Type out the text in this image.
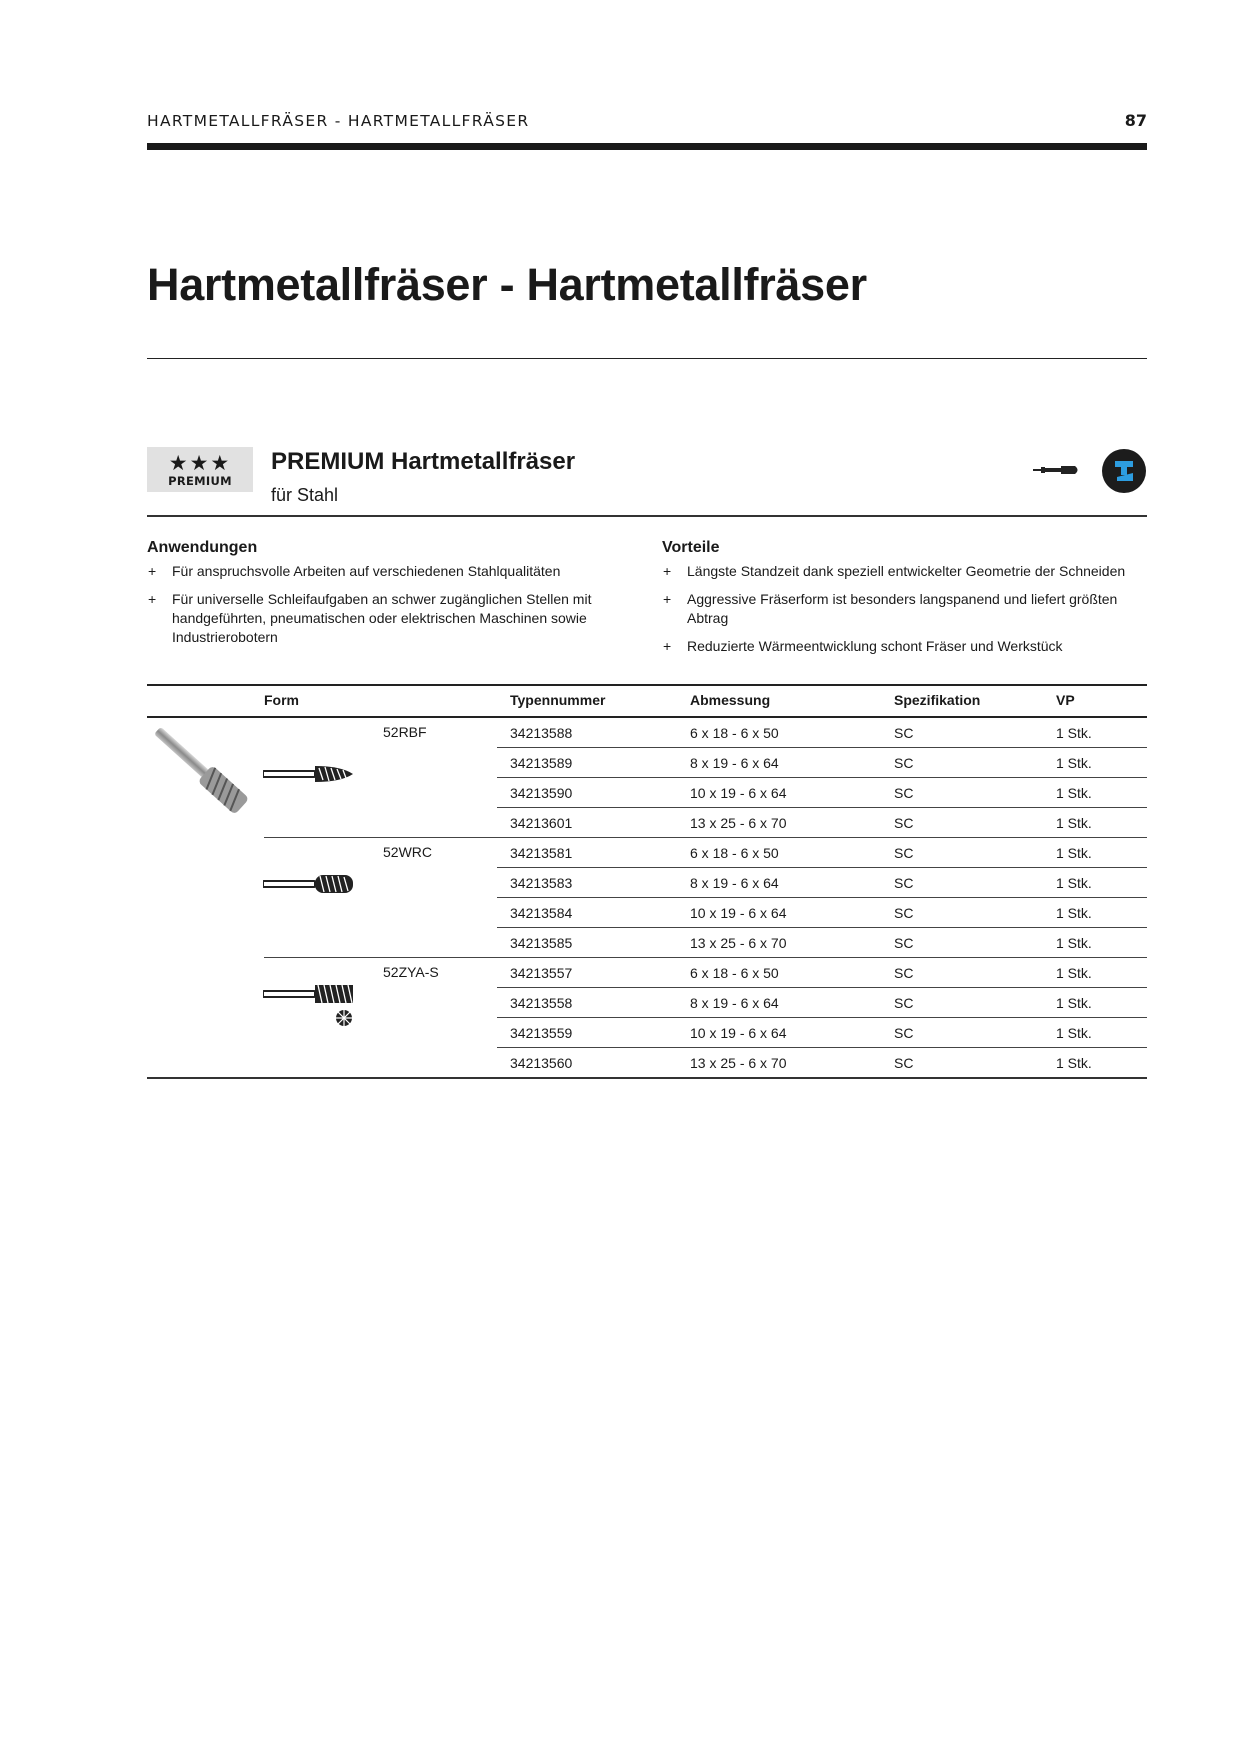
HARTMETALLFRÄSER - HARTMETALLFRÄSER	87
Hartmetallfräser - Hartmetallfräser
★★★
PREMIUM
PREMIUM Hartmetallfräser
für Stahl
Anwendungen
+ Für anspruchsvolle Arbeiten auf verschiedenen Stahlqualitäten
+ Für universelle Schleifaufgaben an schwer zugänglichen Stellen mit handgeführten, pneumatischen oder elektrischen Maschinen sowie Industrierobotern
Vorteile
+ Längste Standzeit dank speziell entwickelter Geometrie der Schneiden
+ Aggressive Fräserform ist besonders langspanend und liefert größten Abtrag
+ Reduzierte Wärmeentwicklung schont Fräser und Werkstück
Form	Typennummer	Abmessung	Spezifikation	VP
52RBF	34213588	6 x 18 - 6 x 50	SC	1 Stk.
34213589	8 x 19 - 6 x 64	SC	1 Stk.
34213590	10 x 19 - 6 x 64	SC	1 Stk.
34213601	13 x 25 - 6 x 70	SC	1 Stk.
52WRC	34213581	6 x 18 - 6 x 50	SC	1 Stk.
34213583	8 x 19 - 6 x 64	SC	1 Stk.
34213584	10 x 19 - 6 x 64	SC	1 Stk.
34213585	13 x 25 - 6 x 70	SC	1 Stk.
52ZYA-S	34213557	6 x 18 - 6 x 50	SC	1 Stk.
34213558	8 x 19 - 6 x 64	SC	1 Stk.
34213559	10 x 19 - 6 x 64	SC	1 Stk.
34213560	13 x 25 - 6 x 70	SC	1 Stk.
